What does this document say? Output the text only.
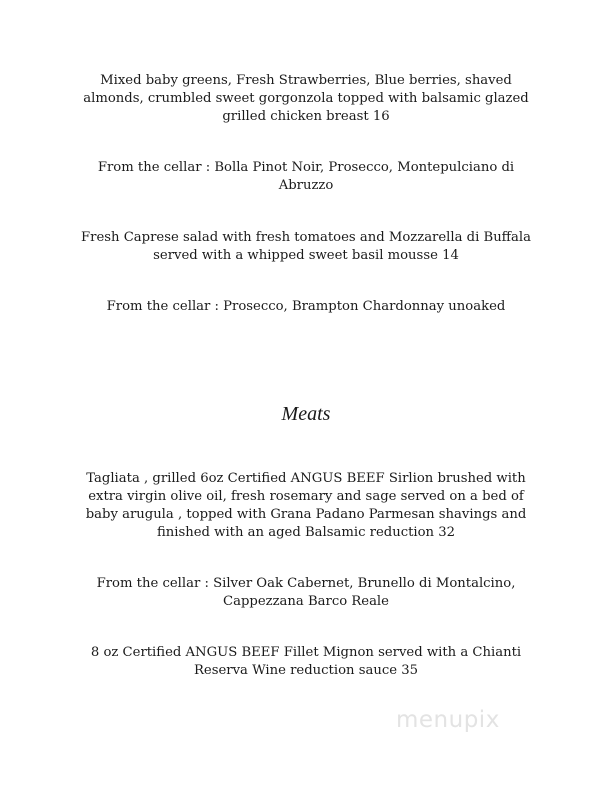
Mixed baby greens, Fresh Strawberries, Blue berries, shaved
almonds, crumbled sweet gorgonzola topped with balsamic glazed
grilled chicken breast 16
From the cellar : Bolla Pinot Noir, Prosecco, Montepulciano di
Abruzzo
Fresh Caprese salad with fresh tomatoes and Mozzarella di Buffala
served with a whipped sweet basil mousse 14
From the cellar : Prosecco, Brampton Chardonnay unoaked
Meats
Tagliata , grilled 6oz Certified ANGUS BEEF Sirlion brushed with
extra virgin olive oil, fresh rosemary and sage served on a bed of
baby arugula , topped with Grana Padano Parmesan shavings and
finished with an aged Balsamic reduction 32
From the cellar : Silver Oak Cabernet, Brunello di Montalcino,
Cappezzana Barco Reale
8 oz Certified ANGUS BEEF Fillet Mignon served with a Chianti
Reserva Wine reduction sauce 35
menupix
